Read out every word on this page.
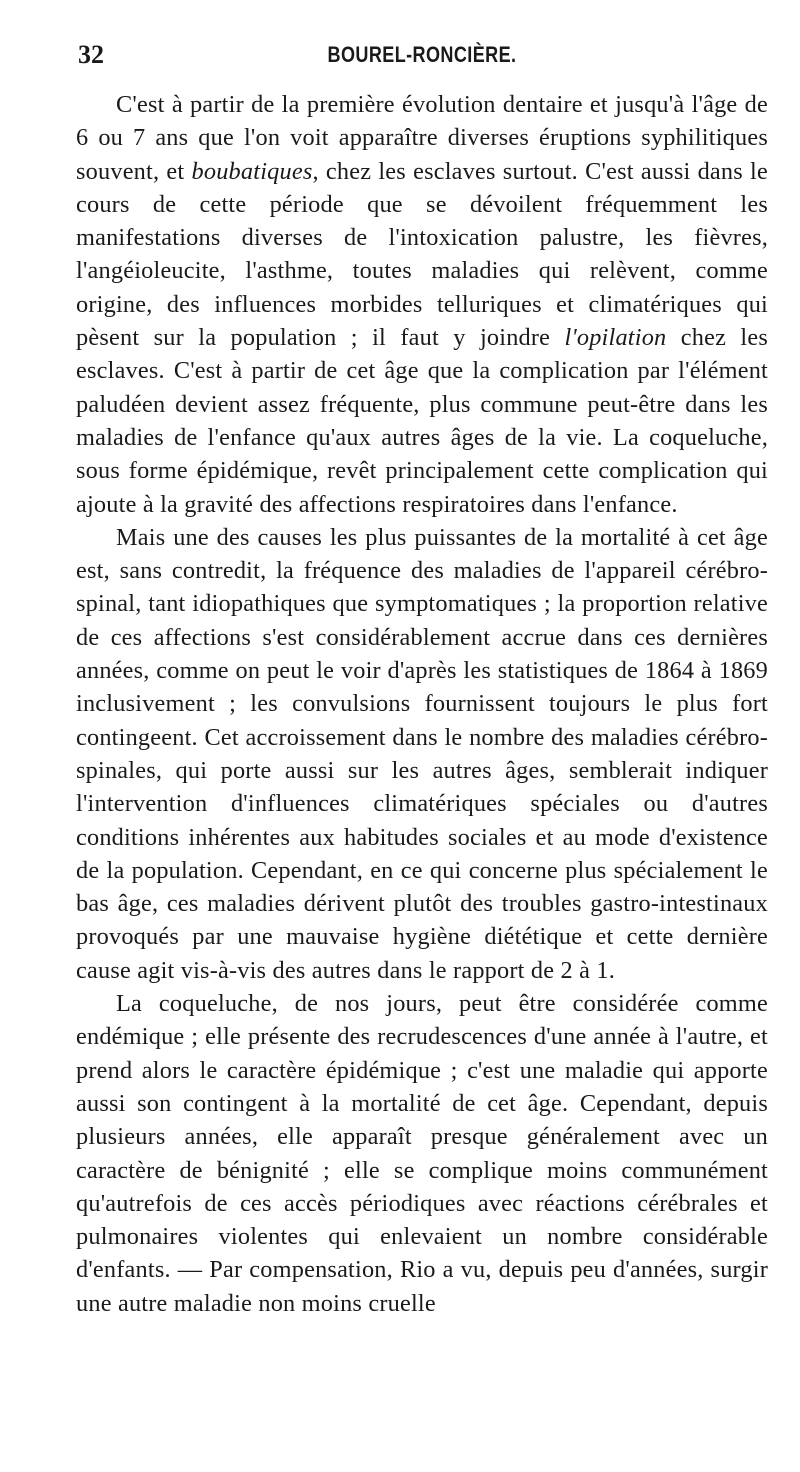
32	BOUREL-RONCIÈRE.

C'est à partir de la première évolution dentaire et jusqu'à l'âge de 6 ou 7 ans que l'on voit apparaître diverses éruptions syphilitiques souvent, et boubatiques, chez les esclaves surtout. C'est aussi dans le cours de cette période que se dévoilent fréquemment les manifestations diverses de l'intoxication palustre, les fièvres, l'angéioleucite, l'asthme, toutes maladies qui relèvent, comme origine, des influences morbides telluriques et climatériques qui pèsent sur la population ; il faut y joindre l'opilation chez les esclaves. C'est à partir de cet âge que la complication par l'élément paludéen devient assez fréquente, plus commune peut-être dans les maladies de l'enfance qu'aux autres âges de la vie. La coqueluche, sous forme épidémique, revêt principalement cette complication qui ajoute à la gravité des affections respiratoires dans l'enfance.

Mais une des causes les plus puissantes de la mortalité à cet âge est, sans contredit, la fréquence des maladies de l'appareil cérébro-spinal, tant idiopathiques que symptomatiques ; la proportion relative de ces affections s'est considérablement accrue dans ces dernières années, comme on peut le voir d'après les statistiques de 1864 à 1869 inclusivement ; les convulsions fournissent toujours le plus fort contingeent. Cet accroissement dans le nombre des maladies cérébro-spinales, qui porte aussi sur les autres âges, semblerait indiquer l'intervention d'influences climatériques spéciales ou d'autres conditions inhérentes aux habitudes sociales et au mode d'existence de la population. Cependant, en ce qui concerne plus spécialement le bas âge, ces maladies dérivent plutôt des troubles gastro-intestinaux provoqués par une mauvaise hygiène diététique et cette dernière cause agit vis-à-vis des autres dans le rapport de 2 à 1.

La coqueluche, de nos jours, peut être considérée comme endémique ; elle présente des recrudescences d'une année à l'autre, et prend alors le caractère épidémique ; c'est une maladie qui apporte aussi son contingent à la mortalité de cet âge. Cependant, depuis plusieurs années, elle apparaît presque généralement avec un caractère de bénignité ; elle se complique moins communément qu'autrefois de ces accès périodiques avec réactions cérébrales et pulmonaires violentes qui enlevaient un nombre considérable d'enfants. — Par compensation, Rio a vu, depuis peu d'années, surgir une autre maladie non moins cruelle
